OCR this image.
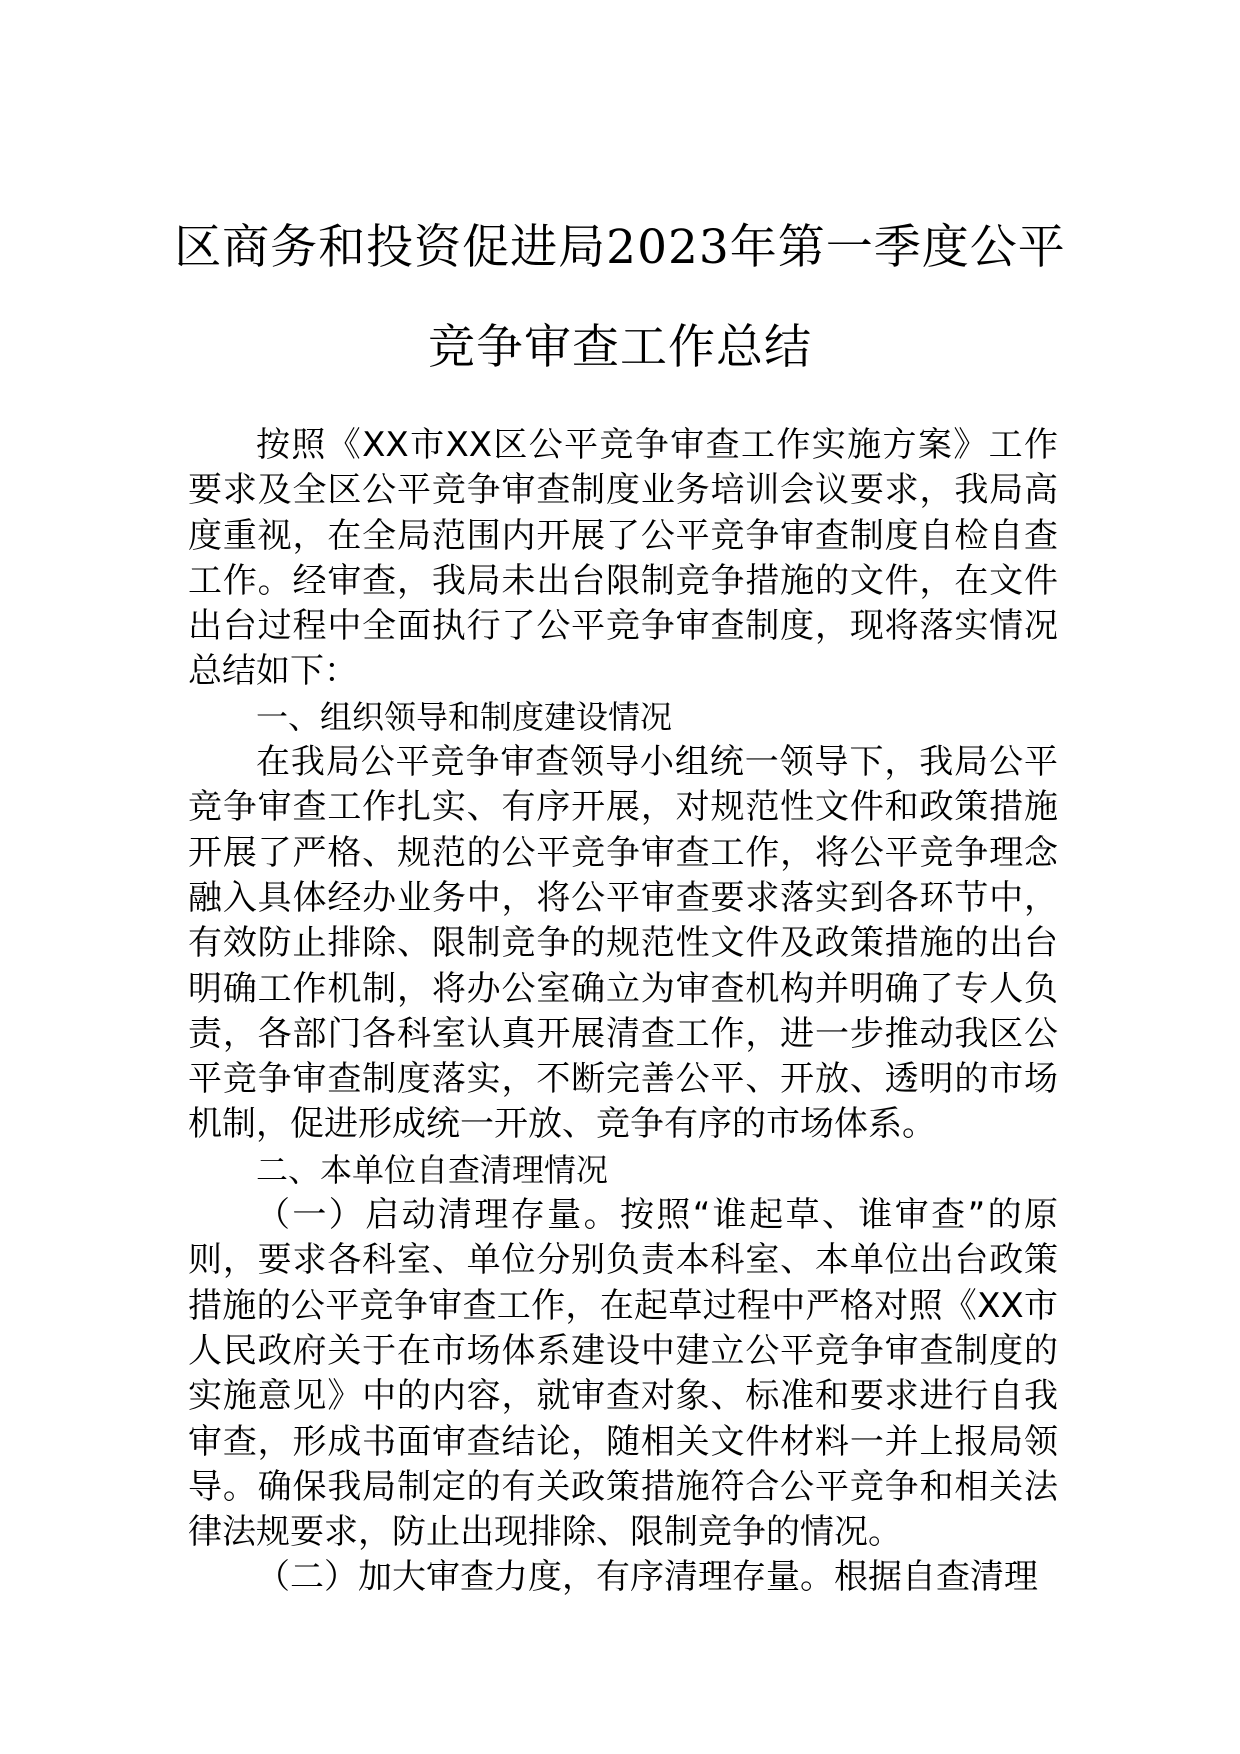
区商务和投资促进局2023年第一季度公平
竞争审查工作总结

按照《XX市XX区公平竞争审查工作实施方案》工作要求及全区公平竞争审查制度业务培训会议要求，我局高度重视，在全局范围内开展了公平竞争审查制度自检自查工作。经审查，我局未出台限制竞争措施的文件，在文件出台过程中全面执行了公平竞争审查制度，现将落实情况总结如下：

一、组织领导和制度建设情况

在我局公平竞争审查领导小组统一领导下，我局公平竞争审查工作扎实、有序开展，对规范性文件和政策措施开展了严格、规范的公平竞争审查工作，将公平竞争理念融入具体经办业务中，将公平审查要求落实到各环节中，有效防止排除、限制竞争的规范性文件及政策措施的出台明确工作机制，将办公室确立为审查机构并明确了专人负责，各部门各科室认真开展清查工作，进一步推动我区公平竞争审查制度落实，不断完善公平、开放、透明的市场机制，促进形成统一开放、竞争有序的市场体系。

二、本单位自查清理情况

（一）启动清理存量。按照“谁起草、谁审查”的原则，要求各科室、单位分别负责本科室、本单位出台政策措施的公平竞争审查工作，在起草过程中严格对照《XX市人民政府关于在市场体系建设中建立公平竞争审查制度的实施意见》中的内容，就审查对象、标准和要求进行自我审查，形成书面审查结论，随相关文件材料一并上报局领导。确保我局制定的有关政策措施符合公平竞争和相关法律法规要求，防止出现排除、限制竞争的情况。

（二）加大审查力度，有序清理存量。根据自查清理
